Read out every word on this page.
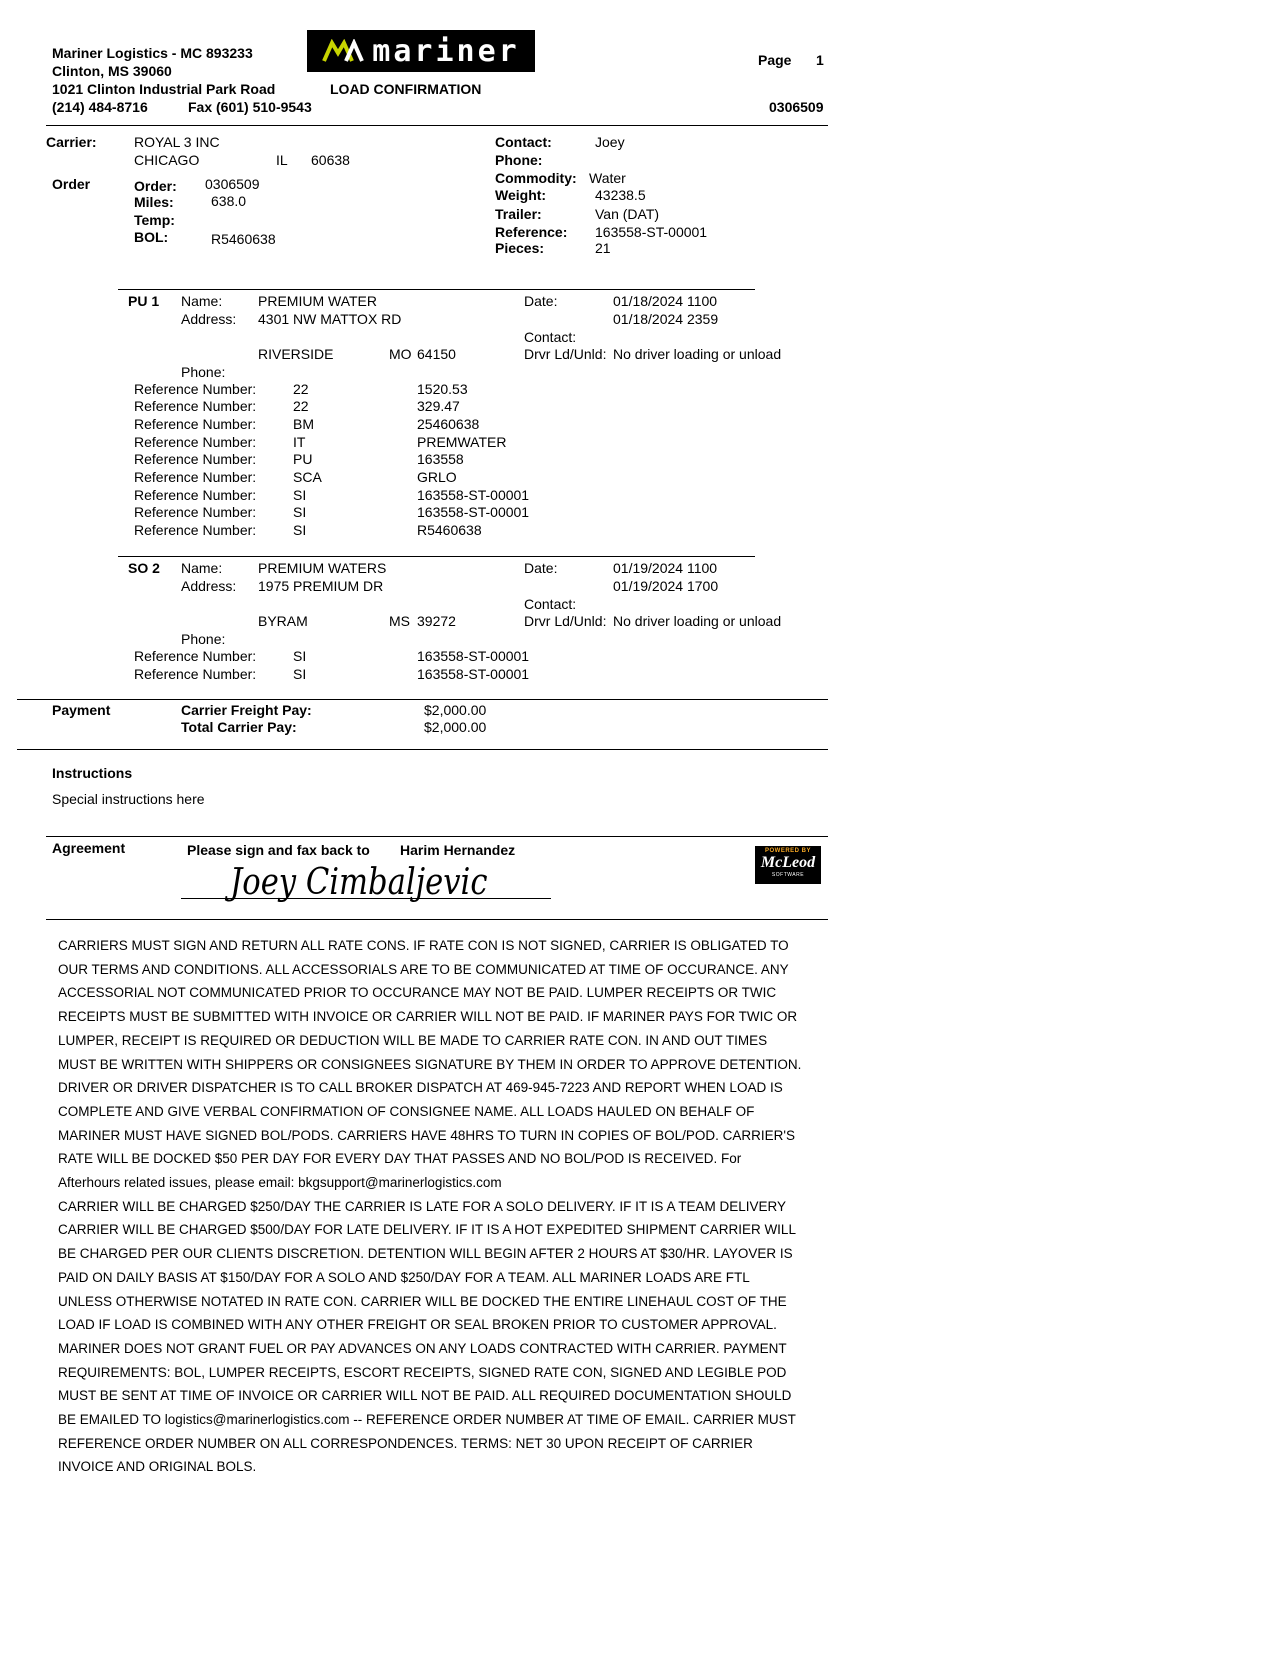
Mariner Logistics - MC 893233
Clinton, MS 39060
1021 Clinton Industrial Park Road
(214) 484-8716	Fax (601) 510-9543
mariner
LOAD CONFIRMATION
Page 1
0306509
Carrier:	ROYAL 3 INC
CHICAGO	IL 60638
Order	Order: 0306509
Miles:	638.0
Temp:
BOL:	R5460638
Contact:	Joey
Phone:
Commodity: Water
Weight:	43238.5
Trailer:	Van (DAT)
Reference: 163558-ST-00001
Pieces:	21
PU 1 Name:	PREMIUM WATER
Address: 4301 NW MATTOX RD
RIVERSIDE	MO 64150
Phone:
Date:	01/18/2024 1100
01/18/2024 2359
Contact:
Drvr Ld/Unld: No driver loading or unload
Reference Number:	22	1520.53
Reference Number:	22	329.47
Reference Number:	BM	25460638
Reference Number:	IT	PREMWATER
Reference Number:	PU	163558
Reference Number:	SCA	GRLO
Reference Number:	SI	163558-ST-00001
Reference Number:	SI	163558-ST-00001
Reference Number:	SI	R5460638
SO 2 Name:	PREMIUM WATERS
Address: 1975 PREMIUM DR
BYRAM	MS 39272
Phone:
Date:	01/19/2024 1100
01/19/2024 1700
Contact:
Drvr Ld/Unld: No driver loading or unload
Reference Number:	SI	163558-ST-00001
Reference Number:	SI	163558-ST-00001
Payment	Carrier Freight Pay:	$2,000.00
Total Carrier Pay:	$2,000.00
Instructions
Special instructions here
Agreement	Please sign and fax back to Harim Hernandez
Joey Cimbaljevic
POWERED BY
McLeod
SOFTWARE

CARRIERS MUST SIGN AND RETURN ALL RATE CONS. IF RATE CON IS NOT SIGNED, CARRIER IS OBLIGATED TO OUR TERMS AND CONDITIONS. ALL ACCESSORIALS ARE TO BE COMMUNICATED AT TIME OF OCCURANCE. ANY ACCESSORIAL NOT COMMUNICATED PRIOR TO OCCURANCE MAY NOT BE PAID. LUMPER RECEIPTS OR TWIC RECEIPTS MUST BE SUBMITTED WITH INVOICE OR CARRIER WILL NOT BE PAID. IF MARINER PAYS FOR TWIC OR LUMPER, RECEIPT IS REQUIRED OR DEDUCTION WILL BE MADE TO CARRIER RATE CON. IN AND OUT TIMES MUST BE WRITTEN WITH SHIPPERS OR CONSIGNEES SIGNATURE BY THEM IN ORDER TO APPROVE DETENTION. DRIVER OR DRIVER DISPATCHER IS TO CALL BROKER DISPATCH AT 469-945-7223 AND REPORT WHEN LOAD IS COMPLETE AND GIVE VERBAL CONFIRMATION OF CONSIGNEE NAME. ALL LOADS HAULED ON BEHALF OF MARINER MUST HAVE SIGNED BOL/PODS. CARRIERS HAVE 48HRS TO TURN IN COPIES OF BOL/POD. CARRIER'S RATE WILL BE DOCKED $50 PER DAY FOR EVERY DAY THAT PASSES AND NO BOL/POD IS RECEIVED. For Afterhours related issues, please email: bkgsupport@marinerlogistics.com

CARRIER WILL BE CHARGED $250/DAY THE CARRIER IS LATE FOR A SOLO DELIVERY. IF IT IS A TEAM DELIVERY CARRIER WILL BE CHARGED $500/DAY FOR LATE DELIVERY. IF IT IS A HOT EXPEDITED SHIPMENT CARRIER WILL BE CHARGED PER OUR CLIENTS DISCRETION. DETENTION WILL BEGIN AFTER 2 HOURS AT $30/HR. LAYOVER IS PAID ON DAILY BASIS AT $150/DAY FOR A SOLO AND $250/DAY FOR A TEAM. ALL MARINER LOADS ARE FTL UNLESS OTHERWISE NOTATED IN RATE CON. CARRIER WILL BE DOCKED THE ENTIRE LINEHAUL COST OF THE LOAD IF LOAD IS COMBINED WITH ANY OTHER FREIGHT OR SEAL BROKEN PRIOR TO CUSTOMER APPROVAL. MARINER DOES NOT GRANT FUEL OR PAY ADVANCES ON ANY LOADS CONTRACTED WITH CARRIER. PAYMENT REQUIREMENTS: BOL, LUMPER RECEIPTS, ESCORT RECEIPTS, SIGNED RATE CON, SIGNED AND LEGIBLE POD MUST BE SENT AT TIME OF INVOICE OR CARRIER WILL NOT BE PAID. ALL REQUIRED DOCUMENTATION SHOULD BE EMAILED TO logistics@marinerlogistics.com -- REFERENCE ORDER NUMBER AT TIME OF EMAIL. CARRIER MUST REFERENCE ORDER NUMBER ON ALL CORRESPONDENCES. TERMS: NET 30 UPON RECEIPT OF CARRIER INVOICE AND ORIGINAL BOLS.
